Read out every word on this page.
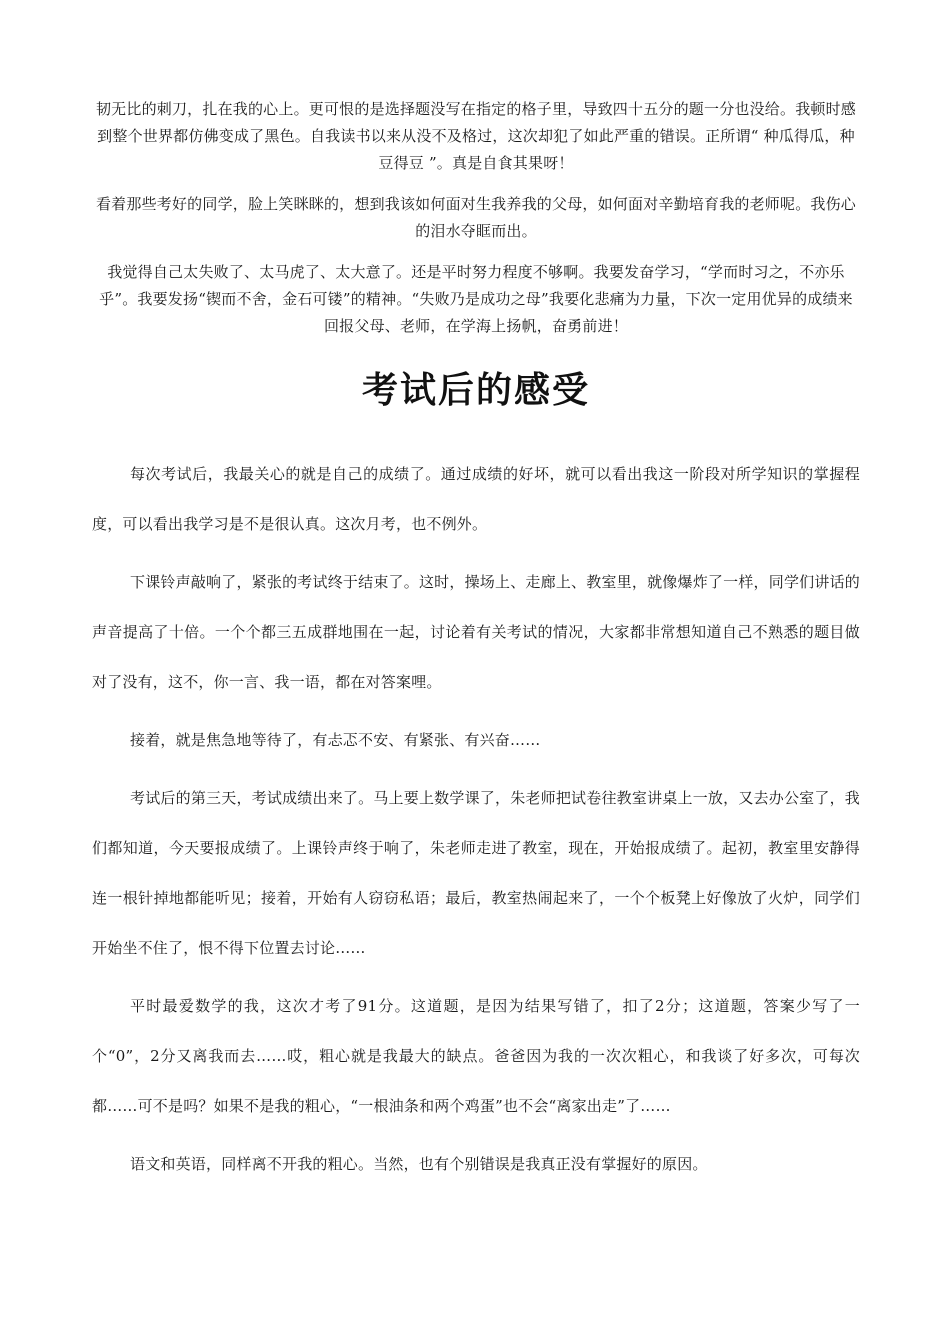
韧无比的刺刀，扎在我的心上。更可恨的是选择题没写在指定的格子里，导致四十五分的题一分也没给。我顿时感到整个世界都仿佛变成了黑色。自我读书以来从没不及格过，这次却犯了如此严重的错误。正所谓“ 种瓜得瓜，种豆得豆 ”。真是自食其果呀！

看着那些考好的同学，脸上笑眯眯的，想到我该如何面对生我养我的父母，如何面对辛勤培育我的老师呢。我伤心的泪水夺眶而出。

我觉得自己太失败了、太马虎了、太大意了。还是平时努力程度不够啊。我要发奋学习，“学而时习之，不亦乐乎”。我要发扬“锲而不舍，金石可镂”的精神。“失败乃是成功之母”我要化悲痛为力量，下次一定用优异的成绩来回报父母、老师，在学海上扬帆，奋勇前进！

考试后的感受

每次考试后，我最关心的就是自己的成绩了。通过成绩的好坏，就可以看出我这一阶段对所学知识的掌握程度，可以看出我学习是不是很认真。这次月考，也不例外。

下课铃声敲响了，紧张的考试终于结束了。这时，操场上、走廊上、教室里，就像爆炸了一样，同学们讲话的声音提高了十倍。一个个都三五成群地围在一起，讨论着有关考试的情况，大家都非常想知道自己不熟悉的题目做对了没有，这不，你一言、我一语，都在对答案哩。

接着，就是焦急地等待了，有忐忑不安、有紧张、有兴奋……

考试后的第三天，考试成绩出来了。马上要上数学课了，朱老师把试卷往教室讲桌上一放，又去办公室了，我们都知道，今天要报成绩了。上课铃声终于响了，朱老师走进了教室，现在，开始报成绩了。起初，教室里安静得连一根针掉地都能听见；接着，开始有人窃窃私语；最后，教室热闹起来了，一个个板凳上好像放了火炉，同学们开始坐不住了，恨不得下位置去讨论……

平时最爱数学的我，这次才考了91分。这道题，是因为结果写错了，扣了2分；这道题，答案少写了一个“0”，2分又离我而去……哎，粗心就是我最大的缺点。爸爸因为我的一次次粗心，和我谈了好多次，可每次都……可不是吗？如果不是我的粗心，“一根油条和两个鸡蛋”也不会“离家出走”了……

语文和英语，同样离不开我的粗心。当然，也有个别错误是我真正没有掌握好的原因。
